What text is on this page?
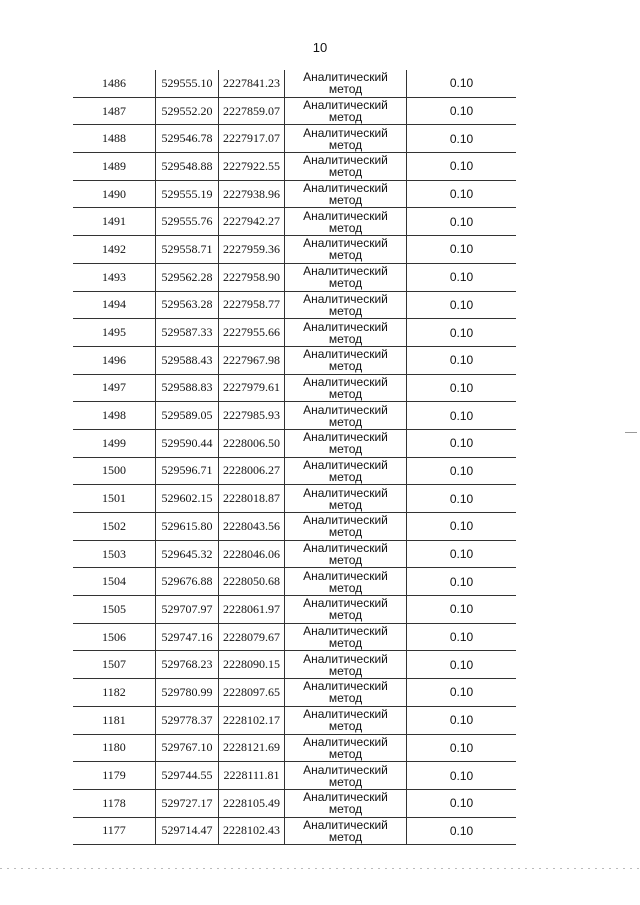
10
1486	529555.10	2227841.23	Аналитический
метод	0.10
1487	529552.20	2227859.07	Аналитический
метод	0.10
1488	529546.78	2227917.07	Аналитический
метод	0.10
1489	529548.88	2227922.55	Аналитический
метод	0.10
1490	529555.19	2227938.96	Аналитический
метод	0.10
1491	529555.76	2227942.27	Аналитический
метод	0.10
1492	529558.71	2227959.36	Аналитический
метод	0.10
1493	529562.28	2227958.90	Аналитический
метод	0.10
1494	529563.28	2227958.77	Аналитический
метод	0.10
1495	529587.33	2227955.66	Аналитический
метод	0.10
1496	529588.43	2227967.98	Аналитический
метод	0.10
1497	529588.83	2227979.61	Аналитический
метод	0.10
1498	529589.05	2227985.93	Аналитический
метод	0.10
1499	529590.44	2228006.50	Аналитический
метод	0.10
1500	529596.71	2228006.27	Аналитический
метод	0.10
1501	529602.15	2228018.87	Аналитический
метод	0.10
1502	529615.80	2228043.56	Аналитический
метод	0.10
1503	529645.32	2228046.06	Аналитический
метод	0.10
1504	529676.88	2228050.68	Аналитический
метод	0.10
1505	529707.97	2228061.97	Аналитический
метод	0.10
1506	529747.16	2228079.67	Аналитический
метод	0.10
1507	529768.23	2228090.15	Аналитический
метод	0.10
1182	529780.99	2228097.65	Аналитический
метод	0.10
1181	529778.37	2228102.17	Аналитический
метод	0.10
1180	529767.10	2228121.69	Аналитический
метод	0.10
1179	529744.55	2228111.81	Аналитический
метод	0.10
1178	529727.17	2228105.49	Аналитический
метод	0.10
1177	529714.47	2228102.43	Аналитический
метод	0.10
